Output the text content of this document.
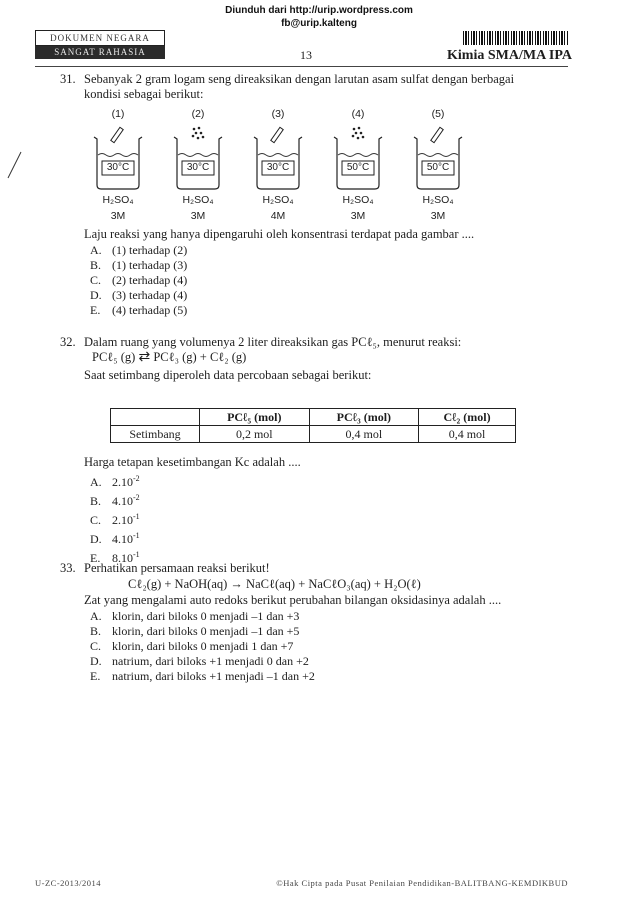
Diunduh dari http://urip.wordpress.com
fb@urip.kalteng
DOKUMEN NEGARA
SANGAT RAHASIA	13	Kimia SMA/MA IPA
31. Sebanyak 2 gram logam seng direaksikan dengan larutan asam sulfat dengan berbagai
kondisi sebagai berikut:
(1)
30°C
H₂SO₄
3M
(2)
30°C
H₂SO₄
3M
(3)
30°C
H₂SO₄
4M
(4)
50°C
H₂SO₄
3M
(5)
50°C
H₂SO₄
3M
Laju reaksi yang hanya dipengaruhi oleh konsentrasi terdapat pada gambar ....
A. (1) terhadap (2)
B. (1) terhadap (3)
C. (2) terhadap (4)
D. (3) terhadap (4)
E. (4) terhadap (5)
32. Dalam ruang yang volumenya 2 liter direaksikan gas PCℓ₅, menurut reaksi:
PCℓ₅ (g) ⇄ PCℓ₃ (g) + Cℓ₂ (g)
Saat setimbang diperoleh data percobaan sebagai berikut:
	PCℓ₅ (mol)	PCℓ₃ (mol)	Cℓ₂ (mol)
Setimbang	0,2 mol	0,4 mol	0,4 mol
Harga tetapan kesetimbangan Kc adalah ....
A. $2.10^{-2}$
B. $4.10^{-2}$
C. $2.10^{-1}$
D. $4.10^{-1}$
E. $8.10^{-1}$
33. Perhatikan persamaan reaksi berikut!
Cℓ₂(g) + NaOH(aq) → NaCℓ(aq) + NaCℓO₃(aq) + H₂O(ℓ)
Zat yang mengalami auto redoks berikut perubahan bilangan oksidasinya adalah ....
A. klorin, dari biloks 0 menjadi –1 dan +3
B. klorin, dari biloks 0 menjadi –1 dan +5
C. klorin, dari biloks 0 menjadi 1 dan +7
D. natrium, dari biloks +1 menjadi 0 dan +2
E. natrium, dari biloks +1 menjadi –1 dan +2
U-ZC-2013/2014	©Hak Cipta pada Pusat Penilaian Pendidikan-BALITBANG-KEMDIKBUD
